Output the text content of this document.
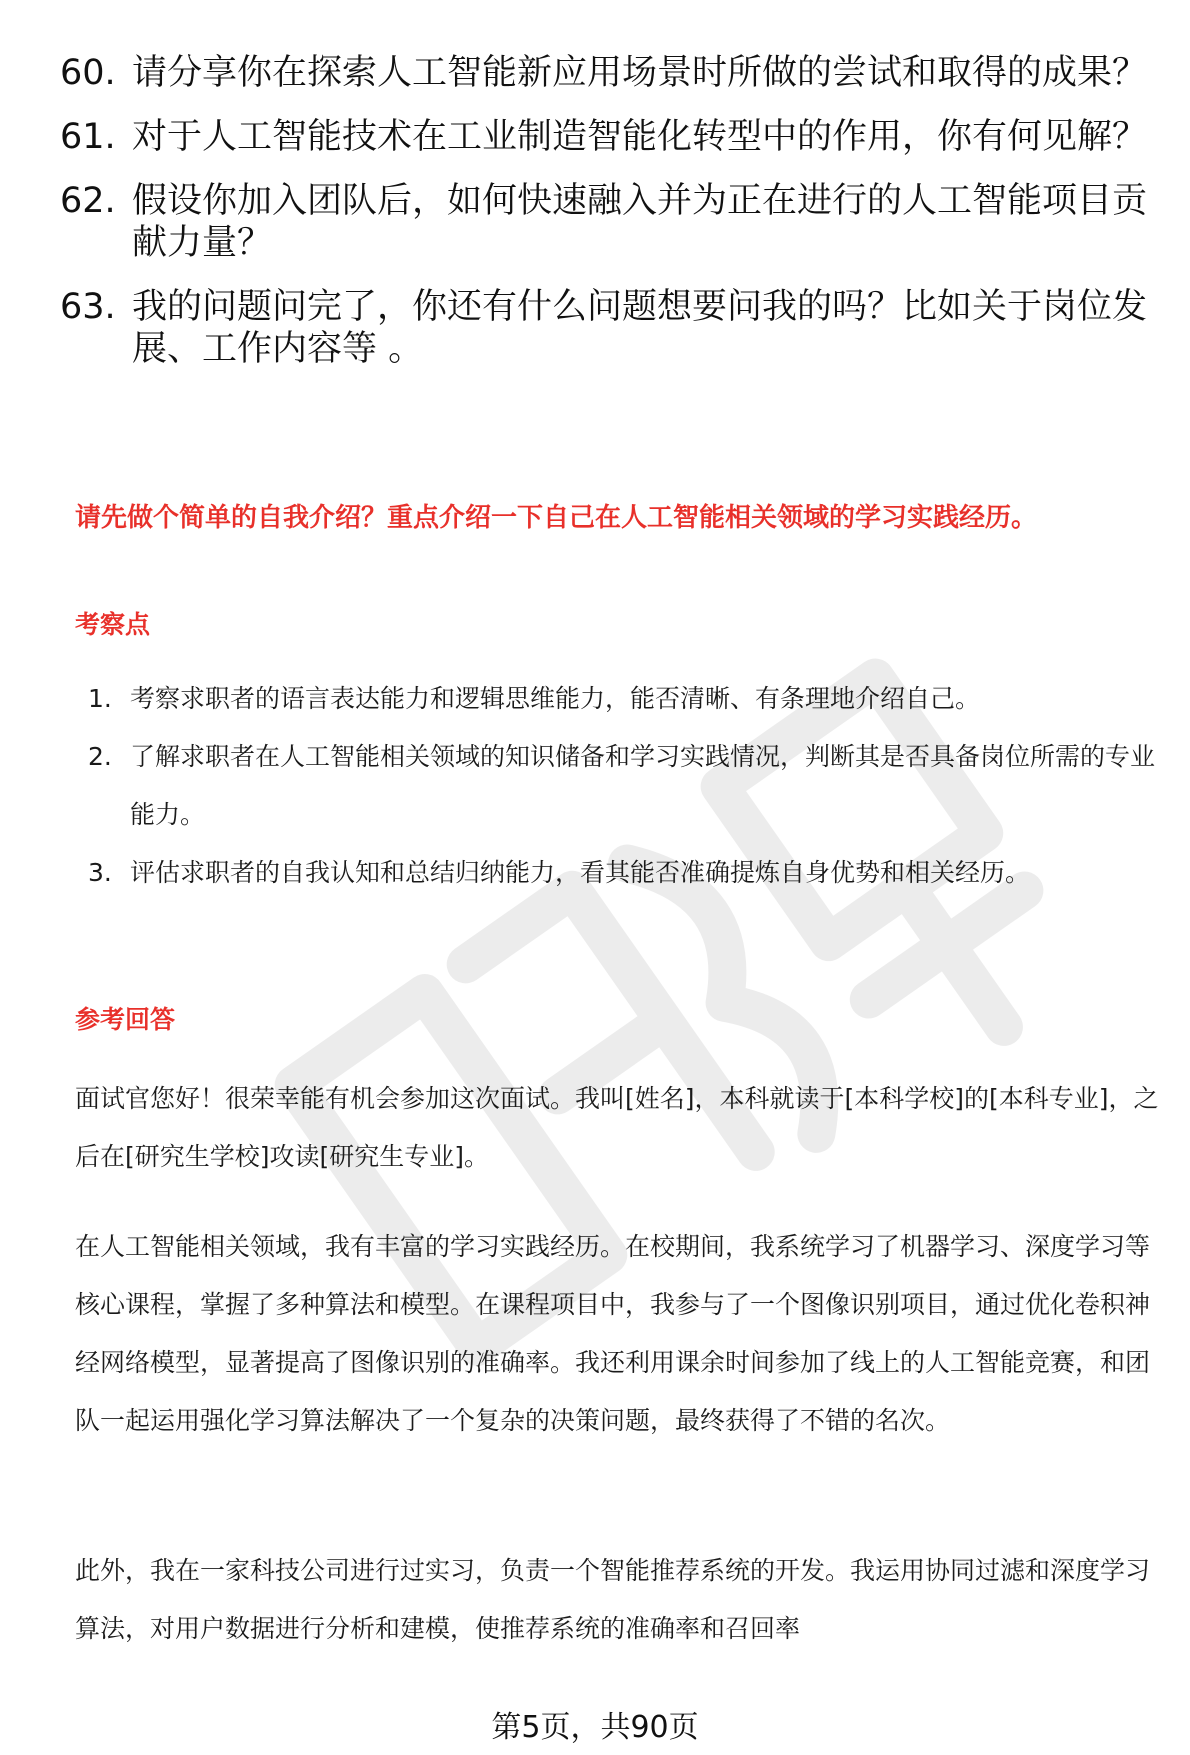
60. 请分享你在探索人工智能新应用场景时所做的尝试和取得的成果？
61. 对于人工智能技术在工业制造智能化转型中的作用，你有何见解？
62. 假设你加入团队后，如何快速融入并为正在进行的人工智能项目贡献力量？
63. 我的问题问完了，你还有什么问题想要问我的吗？比如关于岗位发展、工作内容等 。
请先做个简单的自我介绍？重点介绍一下自己在人工智能相关领域的学习实践经历。
考察点
1. 考察求职者的语言表达能力和逻辑思维能力，能否清晰、有条理地介绍自己。
2. 了解求职者在人工智能相关领域的知识储备和学习实践情况，判断其是否具备岗位所需的专业能力。
3. 评估求职者的自我认知和总结归纳能力，看其能否准确提炼自身优势和相关经历。
参考回答
面试官您好！很荣幸能有机会参加这次面试。我叫[姓名]，本科就读于[本科学校]的[本科专业]，之后在[研究生学校]攻读[研究生专业]。
在人工智能相关领域，我有丰富的学习实践经历。在校期间，我系统学习了机器学习、深度学习等核心课程，掌握了多种算法和模型。在课程项目中，我参与了一个图像识别项目，通过优化卷积神经网络模型，显著提高了图像识别的准确率。我还利用课余时间参加了线上的人工智能竞赛，和团队一起运用强化学习算法解决了一个复杂的决策问题，最终获得了不错的名次。
此外，我在一家科技公司进行过实习，负责一个智能推荐系统的开发。我运用协同过滤和深度学习算法，对用户数据进行分析和建模，使推荐系统的准确率和召回率
第5页，共90页
